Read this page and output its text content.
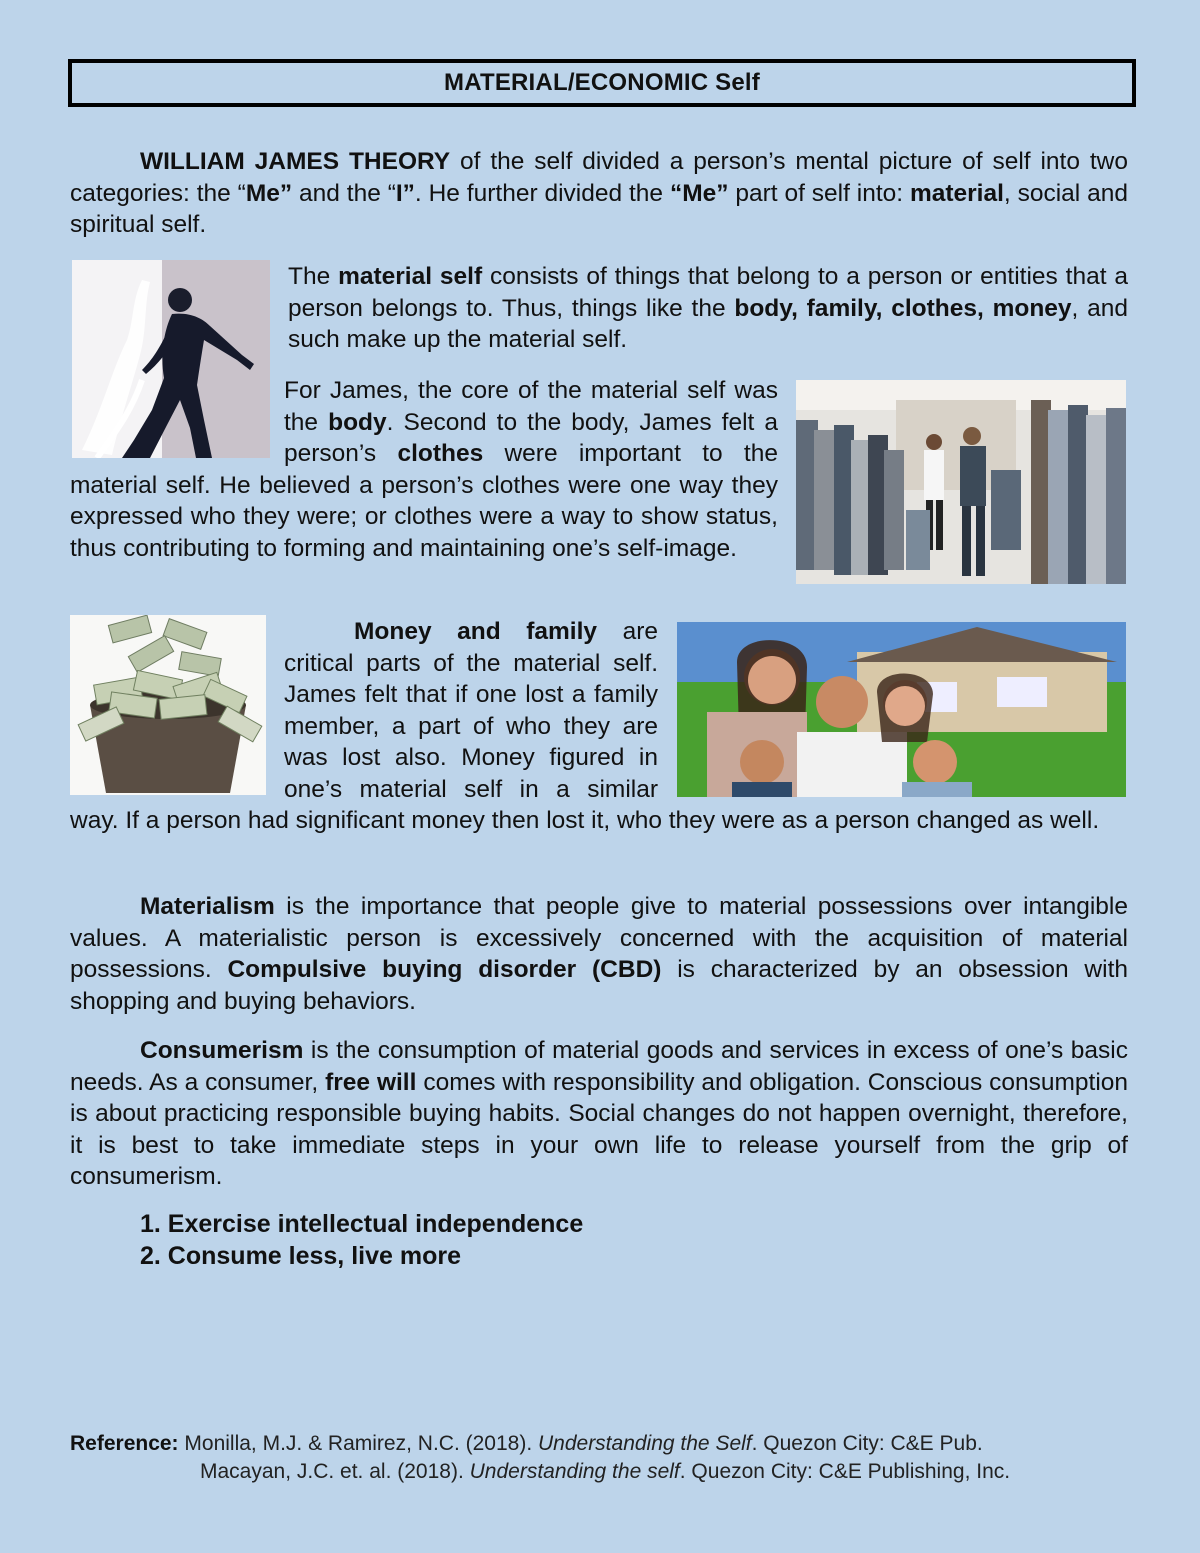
MATERIAL/ECONOMIC Self

WILLIAM JAMES THEORY of the self divided a person’s mental picture of self into two categories: the “Me” and the “I”. He further divided the “Me” part of self into: material, social and spiritual self.

The material self consists of things that belong to a person or entities that a person belongs to. Thus, things like the body, family, clothes, money, and such make up the material self.

For James, the core of the material self was the body. Second to the body, James felt a person’s clothes were important to the material self. He believed a person’s clothes were one way they expressed who they were; or clothes were a way to show status, thus contributing to forming and maintaining one’s self-image.
Money and family are critical parts of the material self. James felt that if one lost a family member, a part of who they are was lost also. Money figured in one’s material self in a similar way. If a person had significant money then lost it, who they were as a person changed as well.

Materialism is the importance that people give to material possessions over intangible values. A materialistic person is excessively concerned with the acquisition of material possessions. Compulsive buying disorder (CBD) is characterized by an obsession with shopping and buying behaviors.

Consumerism is the consumption of material goods and services in excess of one’s basic needs. As a consumer, free will comes with responsibility and obligation. Conscious consumption is about practicing responsible buying habits. Social changes do not happen overnight, therefore, it is best to take immediate steps in your own life to release yourself from the grip of consumerism.

1. Exercise intellectual independence
2. Consume less, live more
Reference: Monilla, M.J. & Ramirez, N.C. (2018). Understanding the Self. Quezon City: C&E Pub.
Macayan, J.C. et. al. (2018). Understanding the self. Quezon City: C&E Publishing, Inc.
